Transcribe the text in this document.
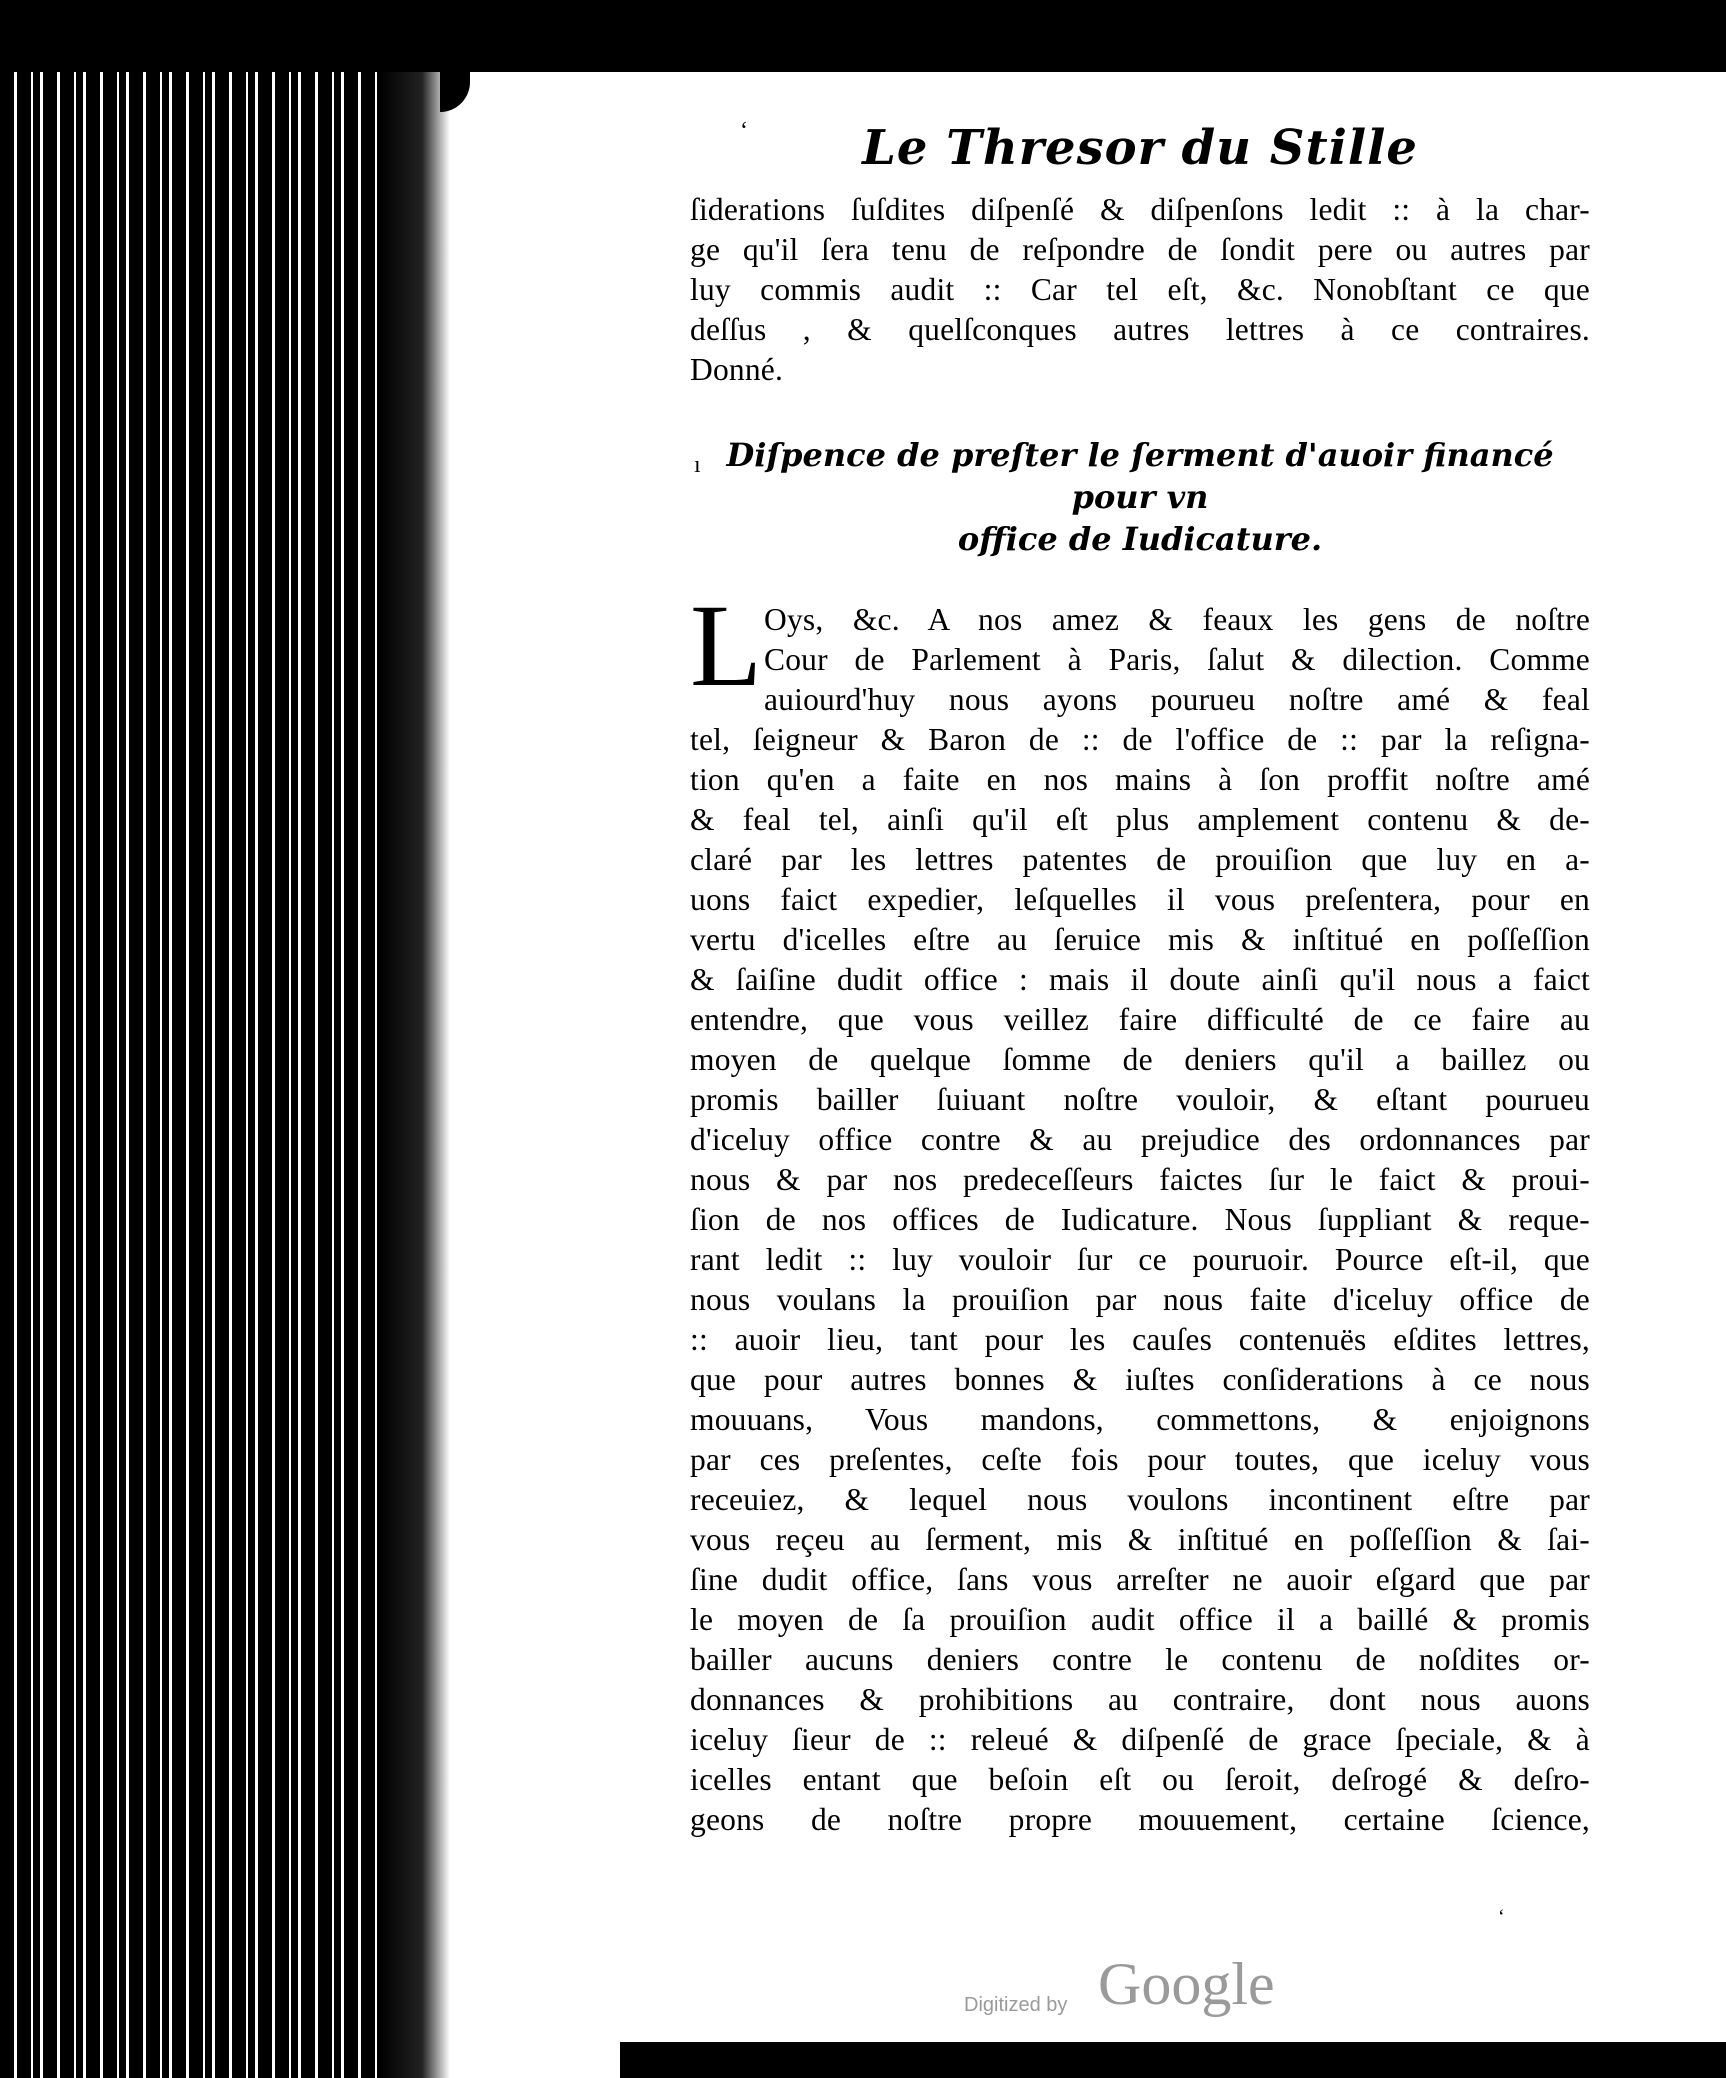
ʻ
ı
ʻ
Le Thresor du Stille
ſiderations ſuſdites diſpenſé & diſpenſons ledit :: à la char-
ge qu'il ſera tenu de reſpondre de ſondit pere ou autres par
luy commis audit :: Car tel eſt, &c. Nonobſtant ce que
deſſus , & quelſconques autres lettres à ce contraires.
Donné.
Diſpence de preſter le ſerment d'auoir financé pour vn
office de Iudicature.
L Oys, &c. A nos amez & feaux les gens de noſtre
Cour de Parlement à Paris, ſalut & dilection. Comme
auiourd'huy nous ayons pourueu noſtre amé & feal
tel, ſeigneur & Baron de :: de l'office de :: par la reſigna-
tion qu'en a faite en nos mains à ſon proffit noſtre amé
& feal tel, ainſi qu'il eſt plus amplement contenu & de-
claré par les lettres patentes de prouiſion que luy en a-
uons faict expedier, leſquelles il vous preſentera, pour en
vertu d'icelles eſtre au ſeruice mis & inſtitué en poſſeſſion
& ſaiſine dudit office : mais il doute ainſi qu'il nous a faict
entendre, que vous veillez faire difficulté de ce faire au
moyen de quelque ſomme de deniers qu'il a baillez ou
promis bailler ſuiuant noſtre vouloir, & eſtant pourueu
d'iceluy office contre & au prejudice des ordonnances par
nous & par nos predeceſſeurs faictes ſur le faict & proui-
ſion de nos offices de Iudicature. Nous ſuppliant & reque-
rant ledit :: luy vouloir ſur ce pouruoir. Pource eſt-il, que
nous voulans la prouiſion par nous faite d'iceluy office de
:: auoir lieu, tant pour les cauſes contenuës eſdites lettres,
que pour autres bonnes & iuſtes conſiderations à ce nous
mouuans, Vous mandons, commettons, & enjoignons
par ces preſentes, ceſte fois pour toutes, que iceluy vous
receuiez, & lequel nous voulons incontinent eſtre par
vous reçeu au ſerment, mis & inſtitué en poſſeſſion & ſai-
ſine dudit office, ſans vous arreſter ne auoir eſgard que par
le moyen de ſa prouiſion audit office il a baillé & promis
bailler aucuns deniers contre le contenu de noſdites or-
donnances & prohibitions au contraire, dont nous auons
iceluy ſieur de :: releué & diſpenſé de grace ſpeciale, & à
icelles entant que beſoin eſt ou ſeroit, deſrogé & deſro-
geons de noſtre propre mouuement, certaine ſcience,
Digitized by Google
